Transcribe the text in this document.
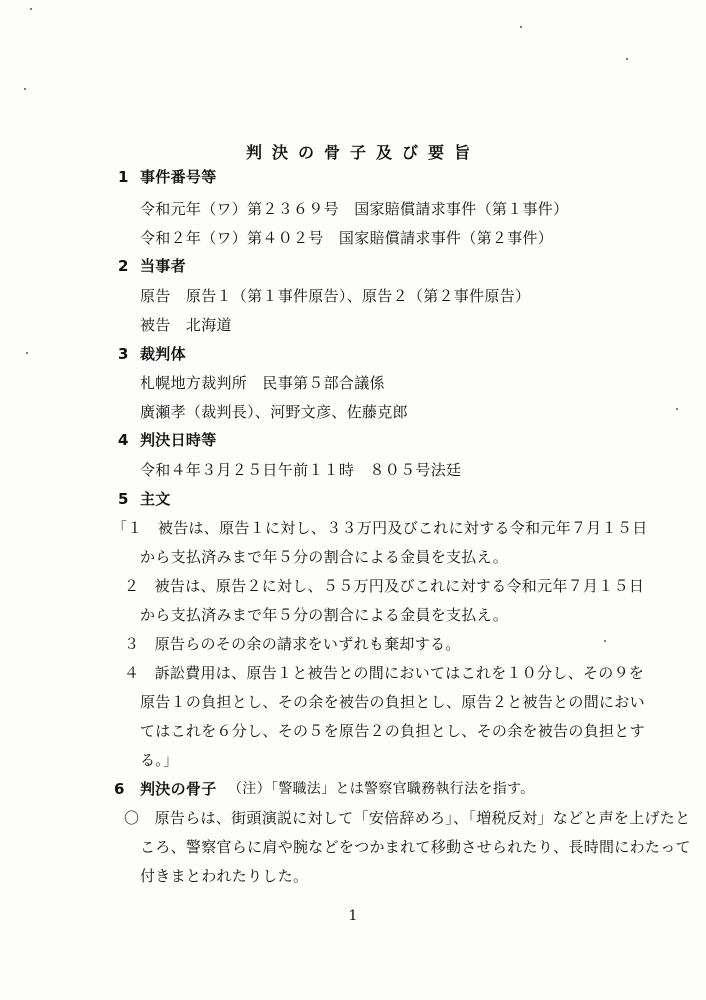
判決の骨子及び要旨
1 事件番号等
令和元年（ワ）第２３６９号　国家賠償請求事件（第１事件）
令和２年（ワ）第４０２号　国家賠償請求事件（第２事件）
2 当事者
原告　原告１（第１事件原告）、原告２（第２事件原告）
被告　北海道
3 裁判体
札幌地方裁判所　民事第５部合議係
廣瀬孝（裁判長）、河野文彦、佐藤克郎
4 判決日時等
令和４年３月２５日午前１１時　８０５号法廷
5 主文
「１　被告は、原告１に対し、３３万円及びこれに対する令和元年７月１５日
から支払済みまで年５分の割合による金員を支払え。
２　被告は、原告２に対し、５５万円及びこれに対する令和元年７月１５日
から支払済みまで年５分の割合による金員を支払え。
３　原告らのその余の請求をいずれも棄却する。
４　訴訟費用は、原告１と被告との間においてはこれを１０分し、その９を
原告１の負担とし、その余を被告の負担とし、原告２と被告との間におい
てはこれを６分し、その５を原告２の負担とし、その余を被告の負担とす
る。」
6 判決の骨子 （注）「警職法」とは警察官職務執行法を指す。
〇　原告らは、街頭演説に対して「安倍辞めろ」、「増税反対」などと声を上げたと
ころ、警察官らに肩や腕などをつかまれて移動させられたり、長時間にわたって
付きまとわれたりした。
1
